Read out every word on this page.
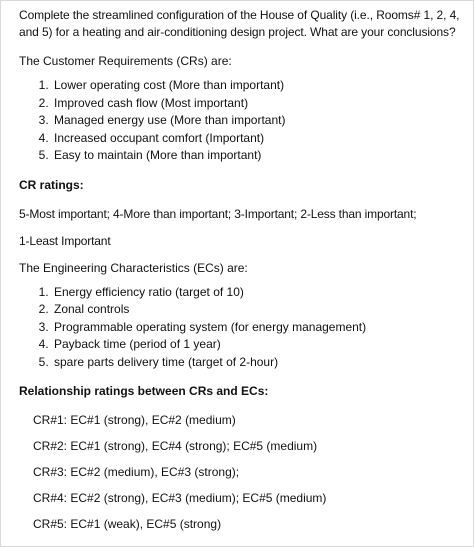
Complete the streamlined configuration of the House of Quality (i.e., Rooms# 1, 2, 4, and 5) for a heating and air-conditioning design project. What are your conclusions?

The Customer Requirements (CRs) are:

1. Lower operating cost (More than important)
2. Improved cash flow (Most important)
3. Managed energy use (More than important)
4. Increased occupant comfort (Important)
5. Easy to maintain (More than important)

CR ratings:

5-Most important; 4-More than important; 3-Important; 2-Less than important;

1-Least Important

The Engineering Characteristics (ECs) are:

1. Energy efficiency ratio (target of 10)
2. Zonal controls
3. Programmable operating system (for energy management)
4. Payback time (period of 1 year)
5. spare parts delivery time (target of 2-hour)

Relationship ratings between CRs and ECs:

CR#1: EC#1 (strong), EC#2 (medium)

CR#2: EC#1 (strong), EC#4 (strong); EC#5 (medium)

CR#3: EC#2 (medium), EC#3 (strong);

CR#4: EC#2 (strong), EC#3 (medium); EC#5 (medium)

CR#5: EC#1 (weak), EC#5 (strong)
